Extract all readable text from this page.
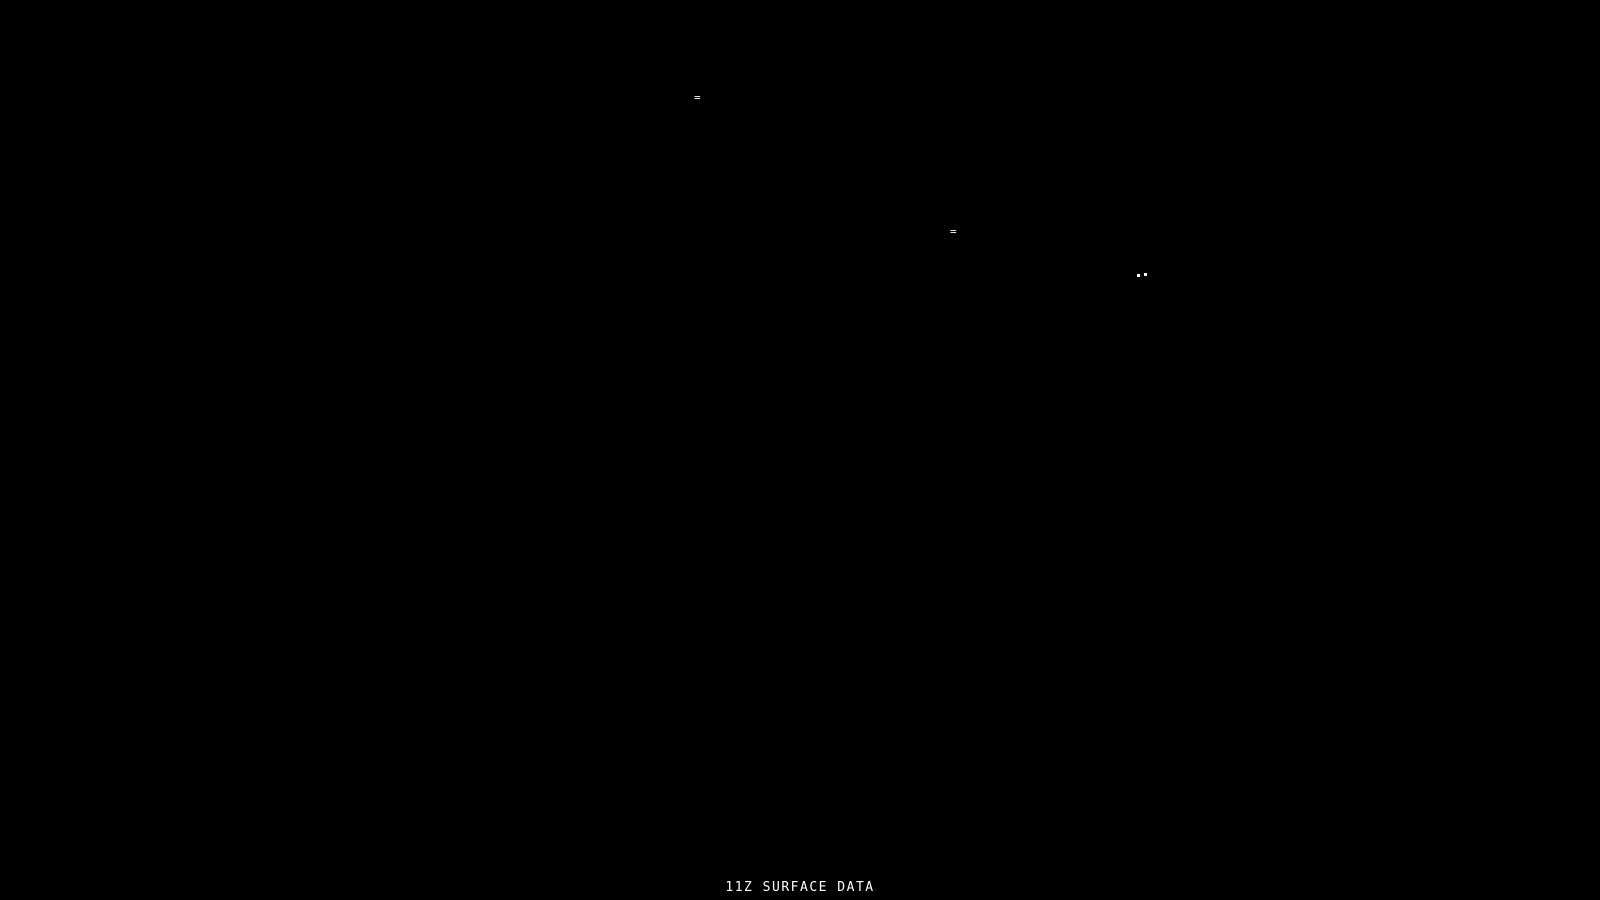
=
=
11Z SURFACE DATA
